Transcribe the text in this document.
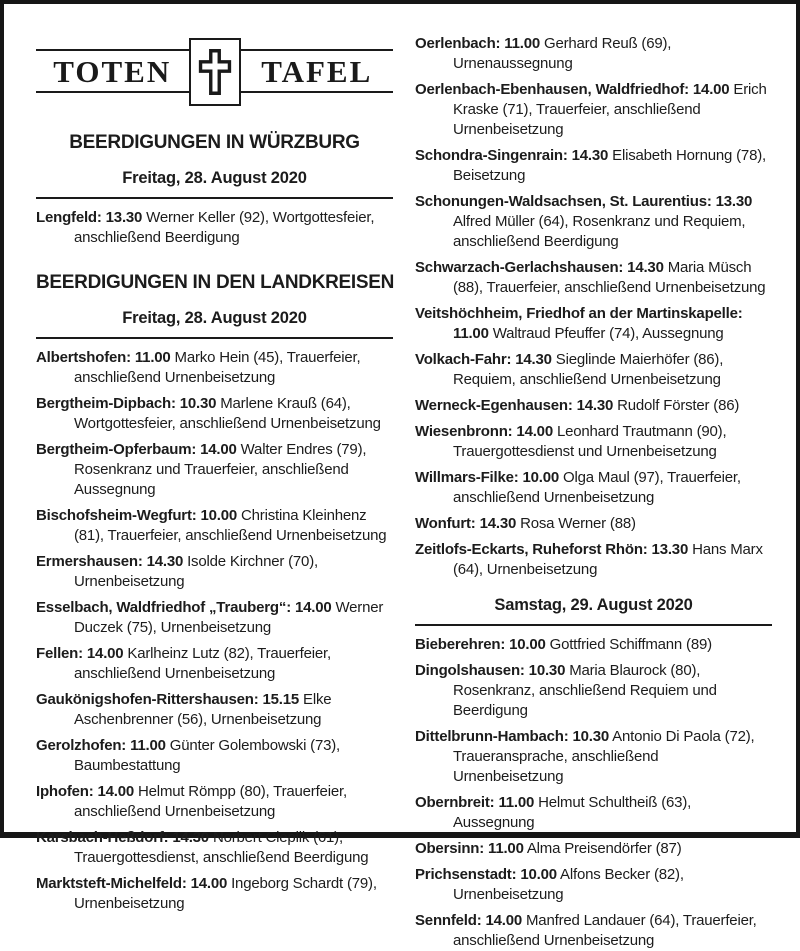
TOTEN	TAFEL
BEERDIGUNGEN IN WÜRZBURG

Freitag, 28. August 2020

Lengfeld: 13.30 Werner Keller (92), Wortgottesfeier, anschließend Beerdigung

BEERDIGUNGEN IN DEN LANDKREISEN

Freitag, 28. August 2020

Albertshofen: 11.00 Marko Hein (45), Trauerfeier, anschließend Urnenbeisetzung

Bergtheim-Dipbach: 10.30 Marlene Krauß (64), Wortgottesfeier, anschließend Urnenbeisetzung

Bergtheim-Opferbaum: 14.00 Walter Endres (79), Rosenkranz und Trauerfeier, anschließend Aussegnung

Bischofsheim-Wegfurt: 10.00 Christina Kleinhenz (81), Trauerfeier, anschließend Urnenbeisetzung

Ermershausen: 14.30 Isolde Kirchner (70), Urnenbeisetzung

Esselbach, Waldfriedhof „Trauberg“: 14.00 Werner Duczek (75), Urnenbeisetzung

Fellen: 14.00 Karlheinz Lutz (82), Trauerfeier, anschließend Urnenbeisetzung

Gaukönigshofen-Rittershausen: 15.15 Elke Aschenbrenner (56), Urnenbeisetzung

Gerolzhofen: 11.00 Günter Golembowski (73), Baumbestattung

Iphofen: 14.00 Helmut Römpp (80), Trauerfeier, anschließend Urnenbeisetzung

Karsbach-Heßdorf: 14.30 Norbert Cieplik (61), Trauergottesdienst, anschließend Beerdigung

Marktsteft-Michelfeld: 14.00 Ingeborg Schardt (79), Urnenbeisetzung

Oerlenbach: 11.00 Gerhard Reuß (69), Urnenaussegnung

Oerlenbach-Ebenhausen, Waldfriedhof: 14.00 Erich Kraske (71), Trauerfeier, anschließend Urnenbeisetzung

Schondra-Singenrain: 14.30 Elisabeth Hornung (78), Beisetzung

Schonungen-Waldsachsen, St. Laurentius: 13.30 Alfred Müller (64), Rosenkranz und Requiem, anschließend Beerdigung

Schwarzach-Gerlachshausen: 14.30 Maria Müsch (88), Trauerfeier, anschließend Urnenbeisetzung

Veitshöchheim, Friedhof an der Martinskapelle: 11.00 Waltraud Pfeuffer (74), Aussegnung

Volkach-Fahr: 14.30 Sieglinde Maierhöfer (86), Requiem, anschließend Urnenbeisetzung

Werneck-Egenhausen: 14.30 Rudolf Förster (86)

Wiesenbronn: 14.00 Leonhard Trautmann (90), Trauergottesdienst und Urnenbeisetzung

Willmars-Filke: 10.00 Olga Maul (97), Trauerfeier, anschließend Urnenbeisetzung

Wonfurt: 14.30 Rosa Werner (88)

Zeitlofs-Eckarts, Ruheforst Rhön: 13.30 Hans Marx (64), Urnenbeisetzung

Samstag, 29. August 2020

Bieberehren: 10.00 Gottfried Schiffmann (89)

Dingolshausen: 10.30 Maria Blaurock (80), Rosenkranz, anschließend Requiem und Beerdigung

Dittelbrunn-Hambach: 10.30 Antonio Di Paola (72), Traueransprache, anschließend Urnenbeisetzung

Obernbreit: 11.00 Helmut Schultheiß (63), Aussegnung

Obersinn: 11.00 Alma Preisendörfer (87)

Prichsenstadt: 10.00 Alfons Becker (82), Urnenbeisetzung

Sennfeld: 14.00 Manfred Landauer (64), Trauerfeier, anschließend Urnenbeisetzung
